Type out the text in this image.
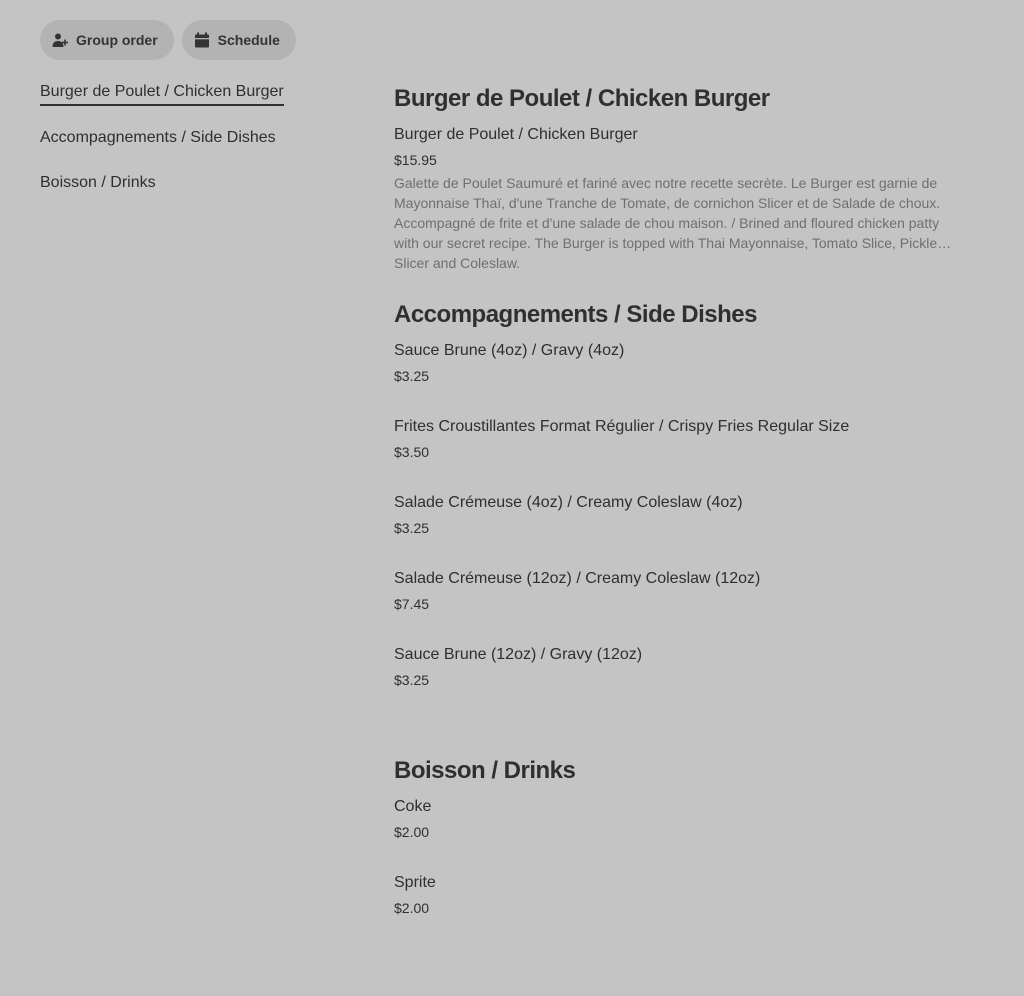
Group order	Schedule
Burger de Poulet / Chicken Burger
Accompagnements / Side Dishes
Boisson / Drinks
Burger de Poulet / Chicken Burger

Burger de Poulet / Chicken Burger

$15.95
Galette de Poulet Saumuré et fariné avec notre recette secrète. Le Burger est garnie de Mayonnaise Thaï, d'une Tranche de Tomate, de cornichon Slicer et de Salade de choux. Accompagné de frite et d'une salade de chou maison. / Brined and floured chicken patty with our secret recipe. The Burger is topped with Thai Mayonnaise, Tomato Slice, Pickle Slicer and Coleslaw.
Accompagnements / Side Dishes

Sauce Brune (4oz) / Gravy (4oz)

$3.25

Frites Croustillantes Format Régulier / Crispy Fries Regular Size

$3.50

Salade Crémeuse (4oz) / Creamy Coleslaw (4oz)

$3.25

Salade Crémeuse (12oz) / Creamy Coleslaw (12oz)

$7.45

Sauce Brune (12oz) / Gravy (12oz)

$3.25
Boisson / Drinks

Coke

$2.00

Sprite

$2.00
